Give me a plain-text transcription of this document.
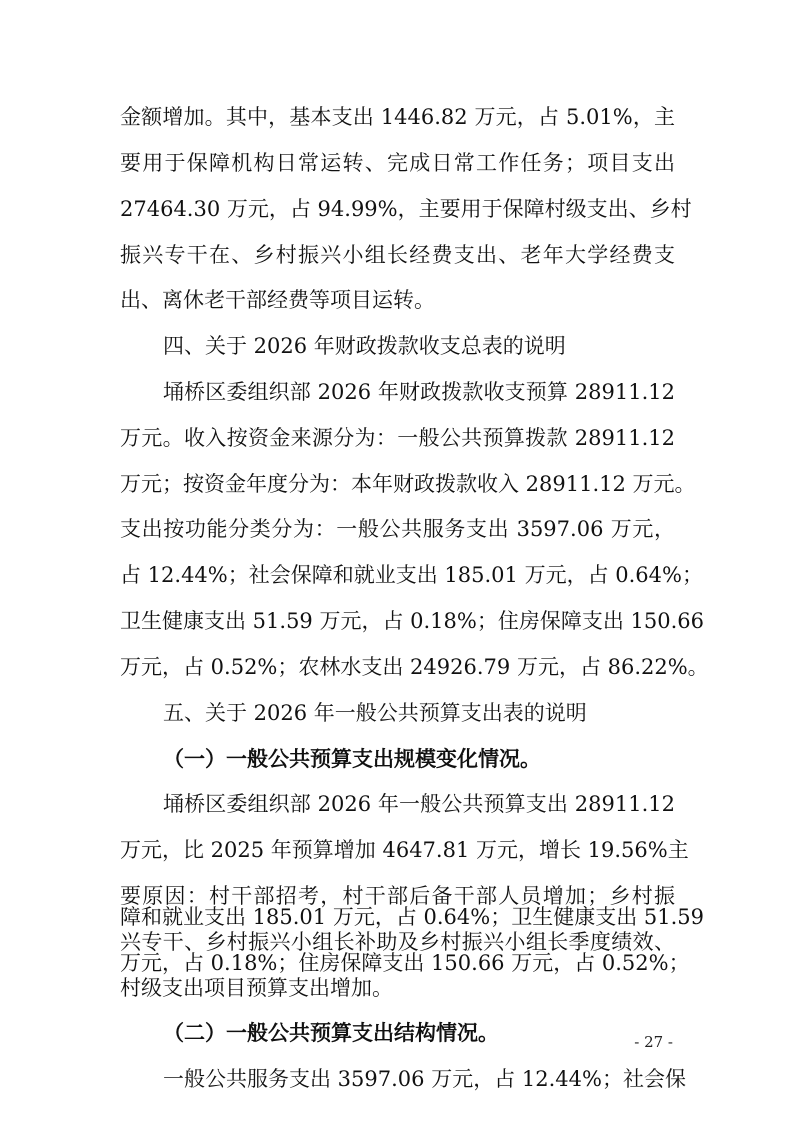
金额增加。其中，基本支出 1446.82 万元，占 5.01%，主
要用于保障机构日常运转、完成日常工作任务；项目支出
27464.30 万元，占 94.99%，主要用于保障村级支出、乡村
振兴专干在、乡村振兴小组长经费支出、老年大学经费支
出、离休老干部经费等项目运转。
四、关于 2026 年财政拨款收支总表的说明
埇桥区委组织部 2026 年财政拨款收支预算 28911.12
万元。收入按资金来源分为：一般公共预算拨款 28911.12
万元；按资金年度分为：本年财政拨款收入 28911.12 万元。
支出按功能分类分为：一般公共服务支出 3597.06 万元，
占 12.44%；社会保障和就业支出 185.01 万元，占 0.64%；
卫生健康支出 51.59 万元，占 0.18%；住房保障支出 150.66
万元，占 0.52%；农林水支出 24926.79 万元，占 86.22%。
五、关于 2026 年一般公共预算支出表的说明
（一）一般公共预算支出规模变化情况。
埇桥区委组织部 2026 年一般公共预算支出 28911.12
万元，比 2025 年预算增加 4647.81 万元，增长 19.56%主
要原因：村干部招考，村干部后备干部人员增加；乡村振
兴专干、乡村振兴小组长补助及乡村振兴小组长季度绩效、
村级支出项目预算支出增加。
（二）一般公共预算支出结构情况。
一般公共服务支出 3597.06 万元，占 12.44%；社会保
- 27 -
障和就业支出 185.01 万元，占 0.64%；卫生健康支出 51.59
万元，占 0.18%；住房保障支出 150.66 万元，占 0.52%；
